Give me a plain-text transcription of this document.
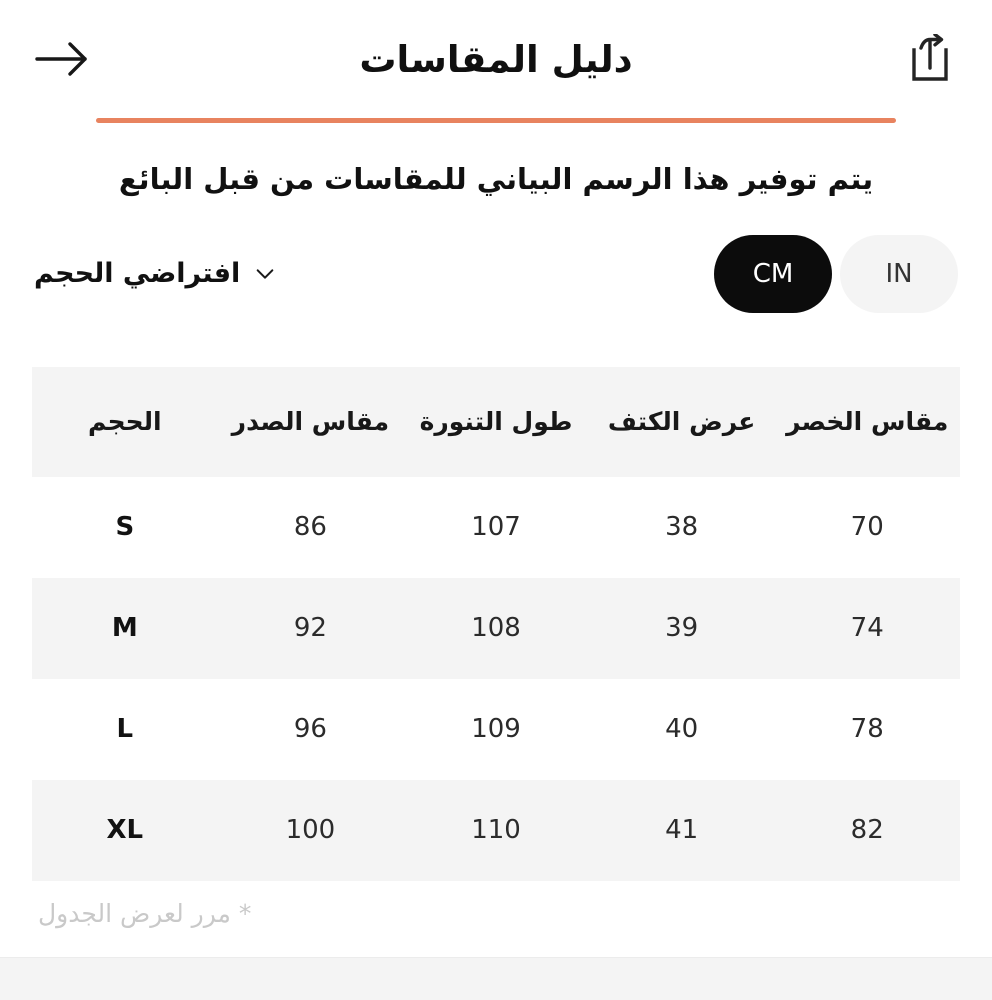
دليل المقاسات
يتم توفير هذا الرسم البياني للمقاسات من قبل البائع
افتراضي الحجم	IN
CM
مقاس الخصر	عرض الكتف	طول التنورة	مقاس الصدر	الحجم
70	38	107	86	S
74	39	108	92	M
78	40	109	96	L
82	41	110	100	XL
* مرر لعرض الجدول
